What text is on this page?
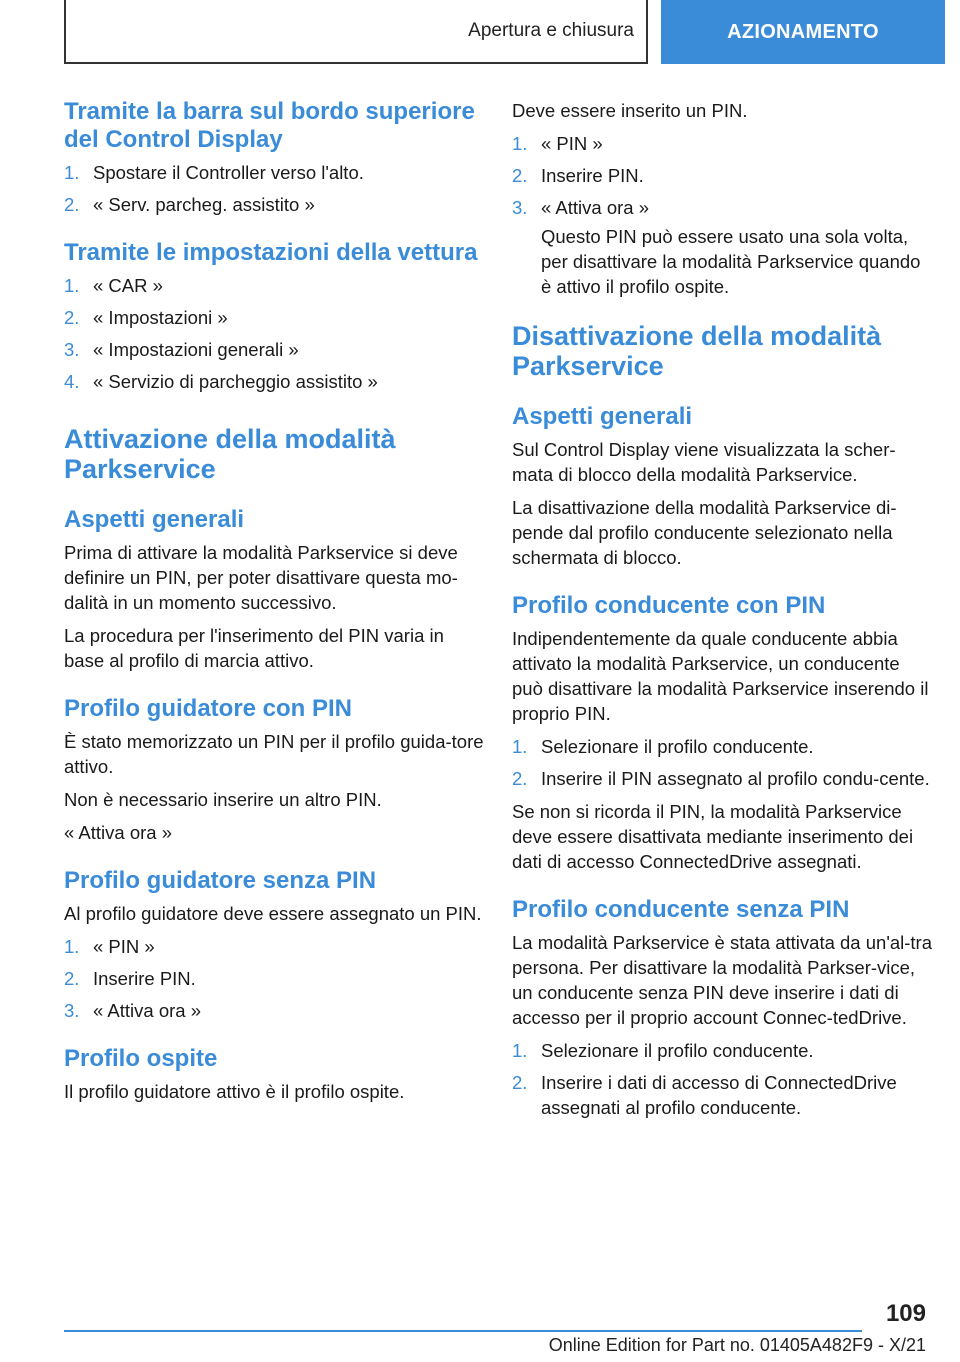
Apertura e chiusura	AZIONAMENTO
Tramite la barra sul bordo superiore del Control Display
1. Spostare il Controller verso l'alto.
2. « Serv. parcheg. assistito »
Tramite le impostazioni della vettura
1. « CAR »
2. « Impostazioni »
3. « Impostazioni generali »
4. « Servizio di parcheggio assistito »
Attivazione della modalità Parkservice
Aspetti generali

Prima di attivare la modalità Parkservice si deve definire un PIN, per poter disattivare questa mo-dalità in un momento successivo.

La procedura per l'inserimento del PIN varia in base al profilo di marcia attivo.

Profilo guidatore con PIN

È stato memorizzato un PIN per il profilo guida-tore attivo.

Non è necessario inserire un altro PIN.

« Attiva ora »

Profilo guidatore senza PIN

Al profilo guidatore deve essere assegnato un PIN.

1. « PIN »
2. Inserire PIN.
3. « Attiva ora »
Profilo ospite

Il profilo guidatore attivo è il profilo ospite.

Deve essere inserito un PIN.

1. « PIN »
2. Inserire PIN.
3. « Attiva ora »
Questo PIN può essere usato una sola volta, per disattivare la modalità Parkservice quando è attivo il profilo ospite.
Disattivazione della modalità Parkservice
Aspetti generali

Sul Control Display viene visualizzata la scher-mata di blocco della modalità Parkservice.

La disattivazione della modalità Parkservice di-pende dal profilo conducente selezionato nella schermata di blocco.

Profilo conducente con PIN

Indipendentemente da quale conducente abbia attivato la modalità Parkservice, un conducente può disattivare la modalità Parkservice inserendo il proprio PIN.

1. Selezionare il profilo conducente.
2. Inserire il PIN assegnato al profilo condu-cente.

Se non si ricorda il PIN, la modalità Parkservice deve essere disattivata mediante inserimento dei dati di accesso ConnectedDrive assegnati.

Profilo conducente senza PIN

La modalità Parkservice è stata attivata da un'al-tra persona. Per disattivare la modalità Parkser-vice, un conducente senza PIN deve inserire i dati di accesso per il proprio account Connec-tedDrive.

1. Selezionare il profilo conducente.
2. Inserire i dati di accesso di ConnectedDrive assegnati al profilo conducente.
109
Online Edition for Part no. 01405A482F9 - X/21
